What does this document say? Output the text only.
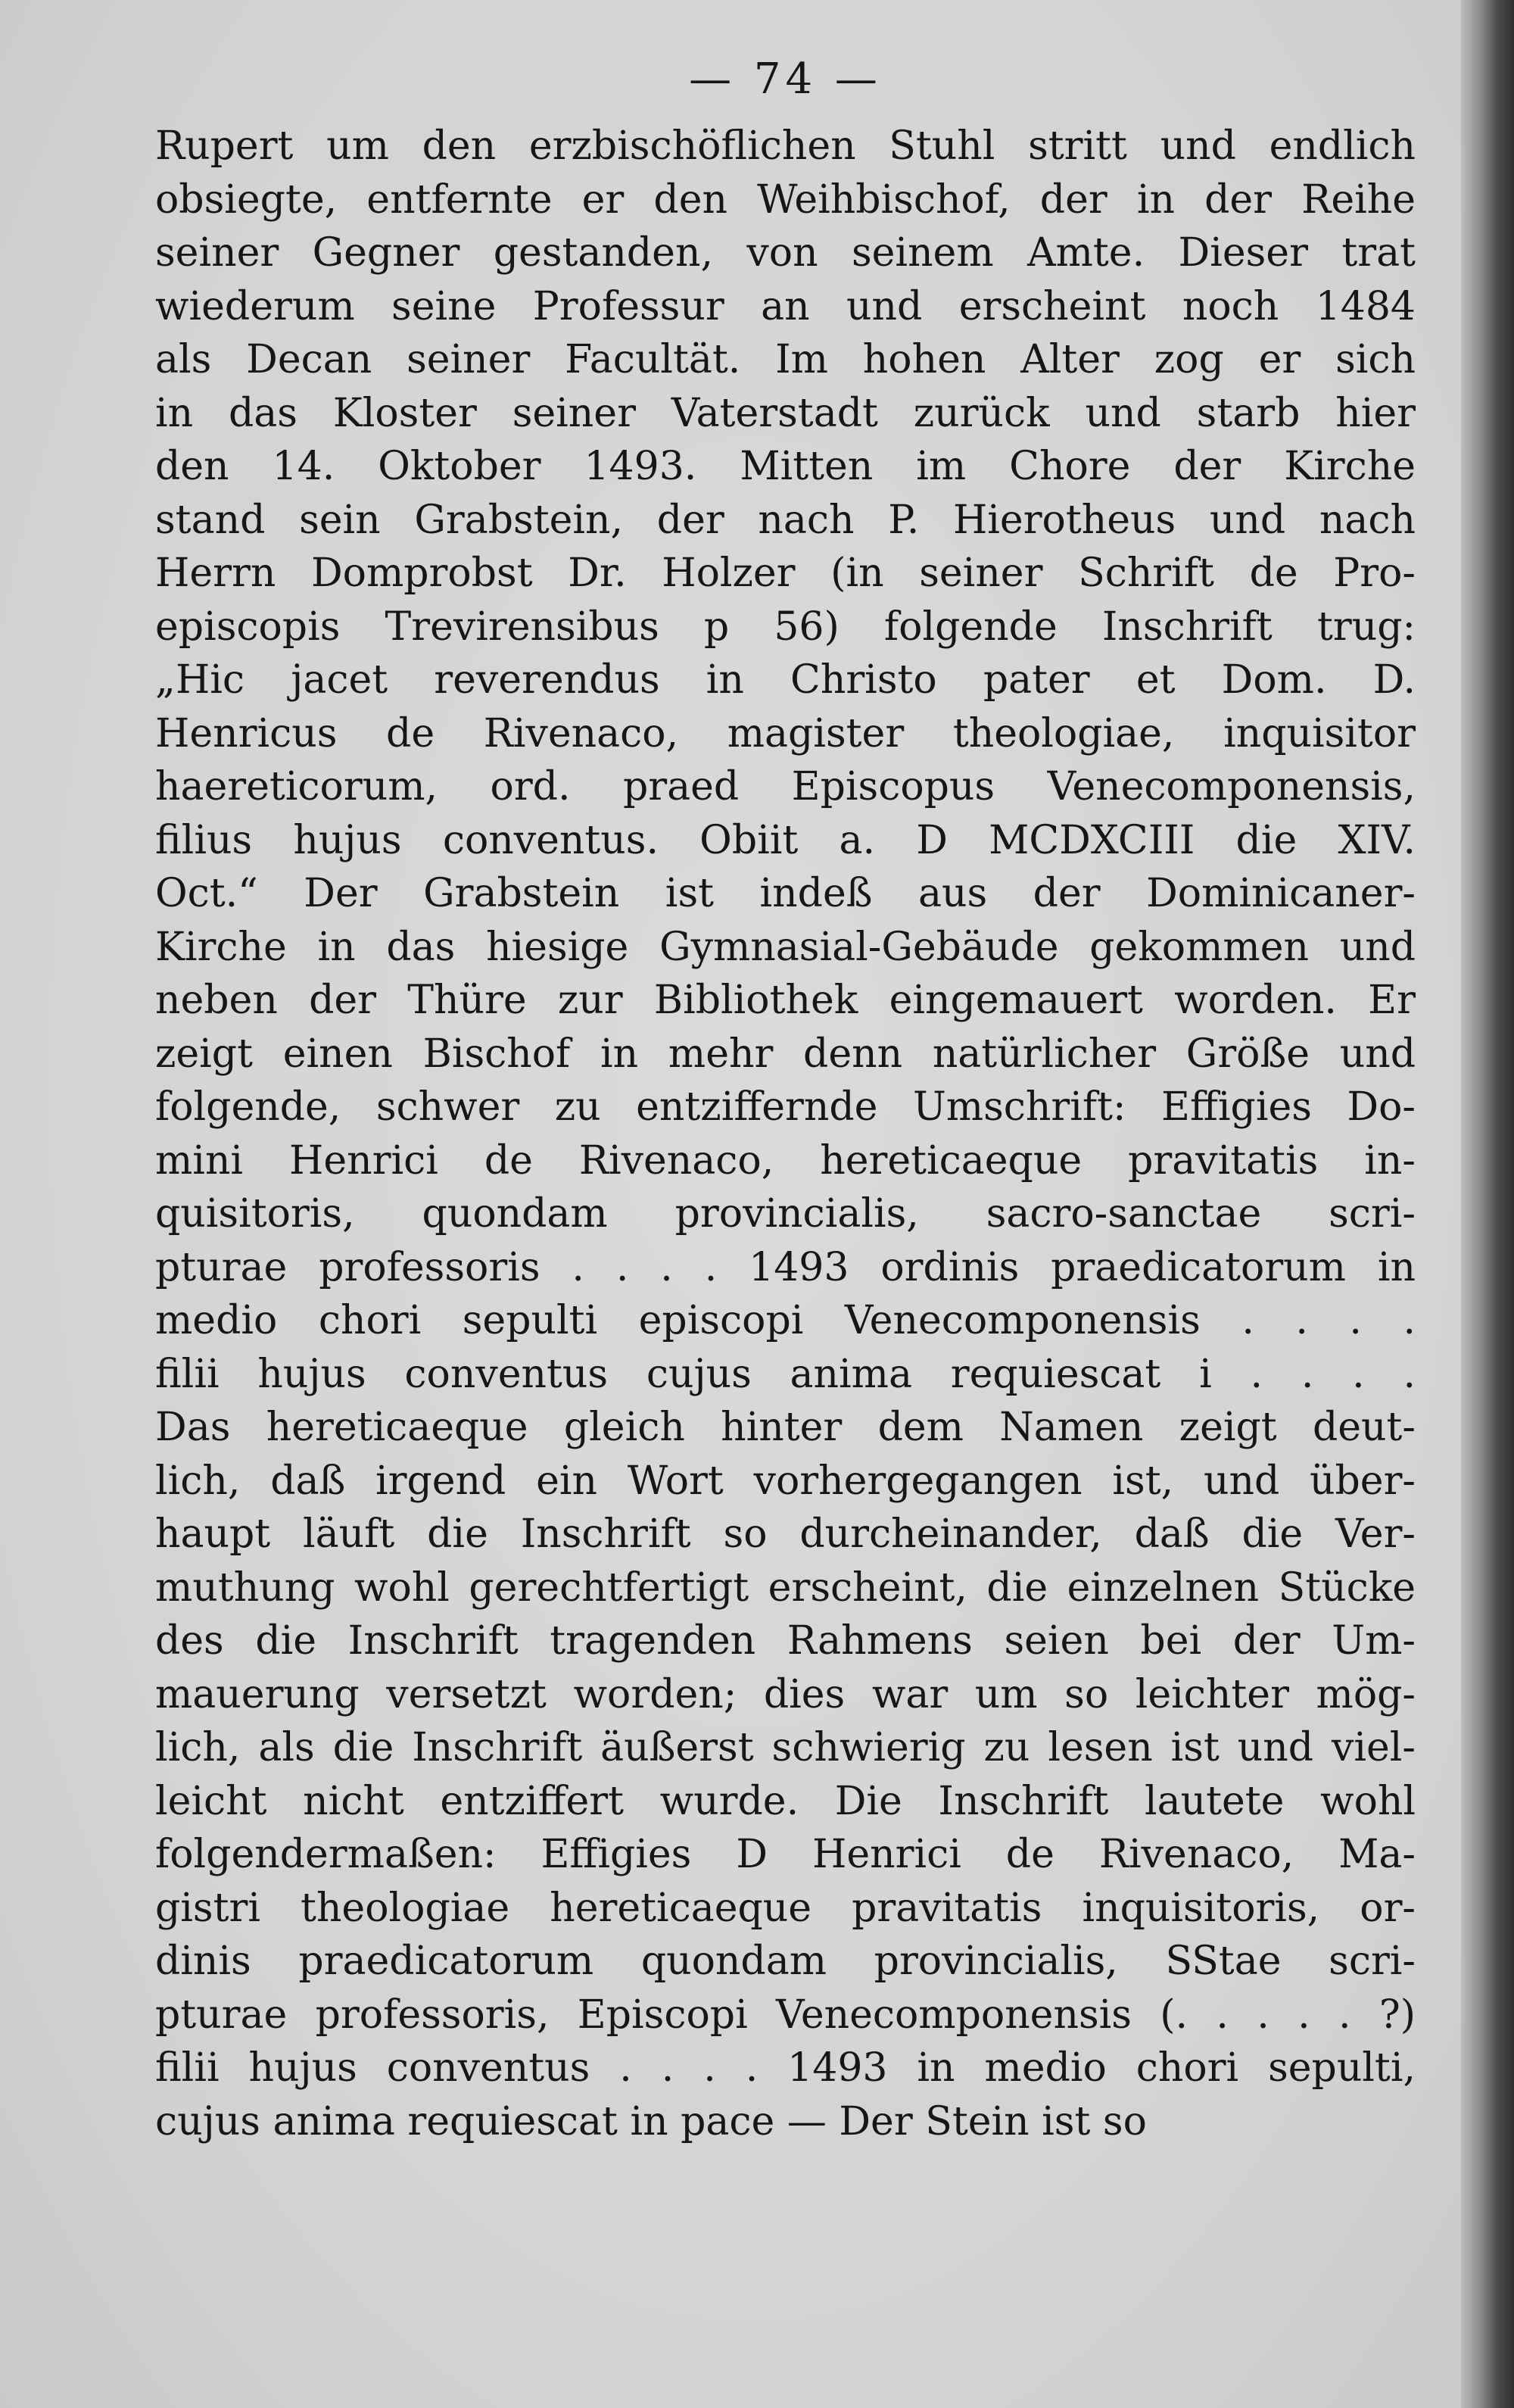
— 74 —
Rupert um den erzbischöflichen Stuhl stritt und endlich
obsiegte, entfernte er den Weihbischof, der in der Reihe
seiner Gegner gestanden, von seinem Amte. Dieser trat
wiederum seine Professur an und erscheint noch 1484
als Decan seiner Facultät. Im hohen Alter zog er sich
in das Kloster seiner Vaterstadt zurück und starb hier
den 14. Oktober 1493. Mitten im Chore der Kirche
stand sein Grabstein, der nach P. Hierotheus und nach
Herrn Domprobst Dr. Holzer (in seiner Schrift de Pro-
episcopis Trevirensibus p 56) folgende Inschrift trug:
„Hic jacet reverendus in Christo pater et Dom. D.
Henricus de Rivenaco, magister theologiae, inquisitor
haereticorum, ord. praed Episcopus Venecomponensis,
filius hujus conventus. Obiit a. D MCDXCIII die XIV.
Oct.“ Der Grabstein ist indeß aus der Dominicaner-
Kirche in das hiesige Gymnasial-Gebäude gekommen und
neben der Thüre zur Bibliothek eingemauert worden. Er
zeigt einen Bischof in mehr denn natürlicher Größe und
folgende, schwer zu entziffernde Umschrift: Effigies Do-
mini Henrici de Rivenaco, hereticaeque pravitatis in-
quisitoris, quondam provincialis, sacro-sanctae scri-
pturae professoris . . . . 1493 ordinis praedicatorum in
medio chori sepulti episcopi Venecomponensis . . . .
filii hujus conventus cujus anima requiescat i . . . .
Das hereticaeque gleich hinter dem Namen zeigt deut-
lich, daß irgend ein Wort vorhergegangen ist, und über-
haupt läuft die Inschrift so durcheinander, daß die Ver-
muthung wohl gerechtfertigt erscheint, die einzelnen Stücke
des die Inschrift tragenden Rahmens seien bei der Um-
mauerung versetzt worden; dies war um so leichter mög-
lich, als die Inschrift äußerst schwierig zu lesen ist und viel-
leicht nicht entziffert wurde. Die Inschrift lautete wohl
folgendermaßen: Effigies D Henrici de Rivenaco, Ma-
gistri theologiae hereticaeque pravitatis inquisitoris, or-
dinis praedicatorum quondam provincialis, SStae scri-
pturae professoris, Episcopi Venecomponensis (. . . . . ?)
filii hujus conventus . . . . 1493 in medio chori sepulti,
cujus anima requiescat in pace — Der Stein ist so
